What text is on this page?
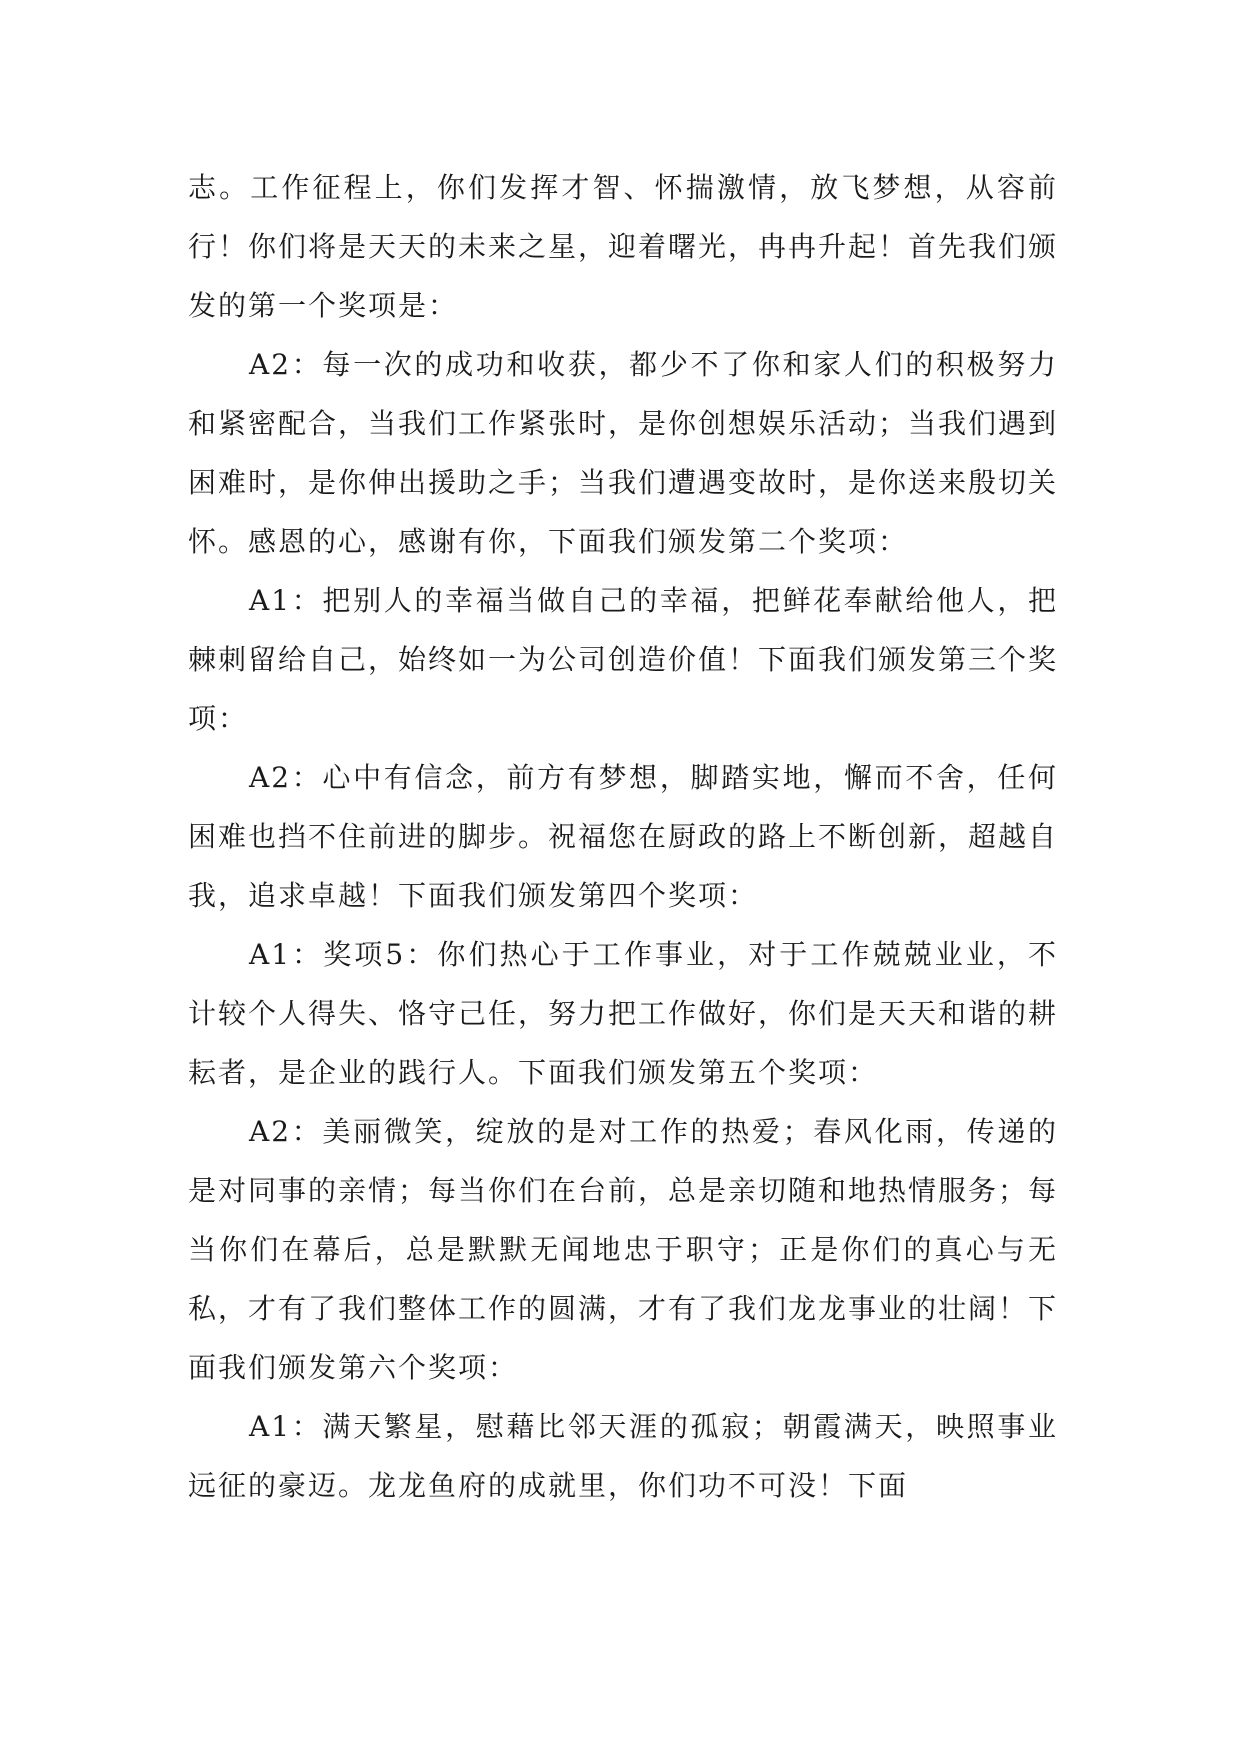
志。工作征程上，你们发挥才智、怀揣激情，放飞梦想，从容前行！你们将是天天的未来之星，迎着曙光，冉冉升起！首先我们颁发的第一个奖项是：

A2：每一次的成功和收获，都少不了你和家人们的积极努力和紧密配合，当我们工作紧张时，是你创想娱乐活动；当我们遇到困难时，是你伸出援助之手；当我们遭遇变故时，是你送来殷切关怀。感恩的心，感谢有你，下面我们颁发第二个奖项：

A1：把别人的幸福当做自己的幸福，把鲜花奉献给他人，把棘刺留给自己，始终如一为公司创造价值！下面我们颁发第三个奖项：

A2：心中有信念，前方有梦想，脚踏实地，懈而不舍，任何困难也挡不住前进的脚步。祝福您在厨政的路上不断创新，超越自我，追求卓越！下面我们颁发第四个奖项：

A1：奖项5：你们热心于工作事业，对于工作兢兢业业，不计较个人得失、恪守己任，努力把工作做好，你们是天天和谐的耕耘者，是企业的践行人。下面我们颁发第五个奖项：

A2：美丽微笑，绽放的是对工作的热爱；春风化雨，传递的是对同事的亲情；每当你们在台前，总是亲切随和地热情服务；每当你们在幕后，总是默默无闻地忠于职守；正是你们的真心与无私，才有了我们整体工作的圆满，才有了我们龙龙事业的壮阔！下面我们颁发第六个奖项：

A1：满天繁星，慰藉比邻天涯的孤寂；朝霞满天，映照事业远征的豪迈。龙龙鱼府的成就里，你们功不可没！下面
